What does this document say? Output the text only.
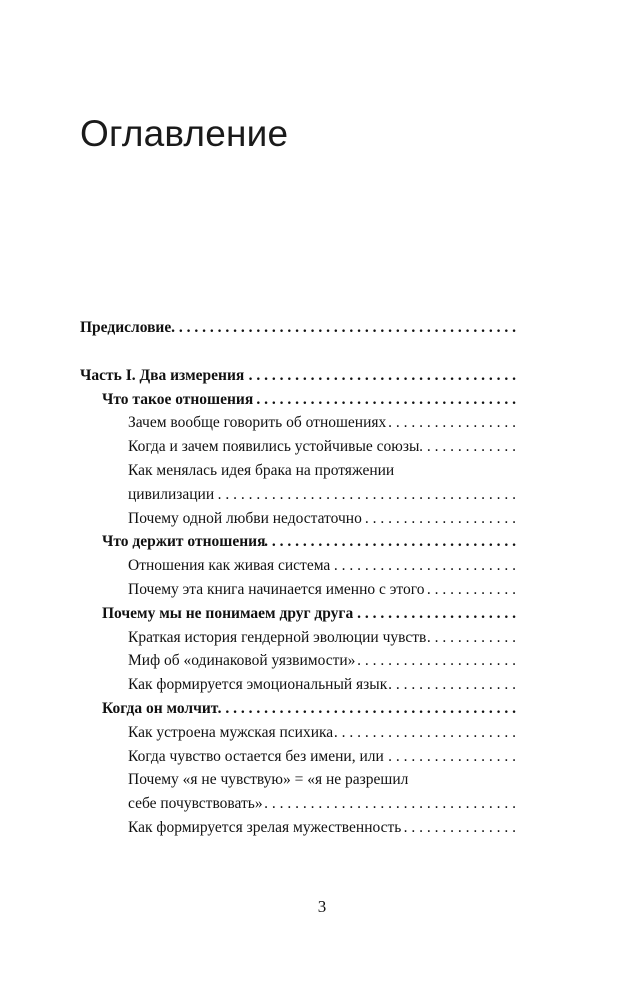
Оглавление
Предисловие
. . .
Часть I. Два измерения
. . .
Что такое отношения
. . .
Зачем вообще говорить об отношениях
. . .
Когда и зачем появились устойчивые союзы
. . .
Как менялась идея брака на протяжении
цивилизации
. . .
Почему одной любви недостаточно
. . .
Что держит отношения
. . .
Отношения как живая система
. . .
Почему эта книга начинается именно с этого
. . .
Почему мы не понимаем друг друга
. . .
Краткая история гендерной эволюции чувств
. . .
Миф об «одинаковой уязвимости»
. . .
Как формируется эмоциональный язык
. . .
Когда он молчит
. . .
Как устроена мужская психика
. . .
Когда чувство остается без имени, или
. . .
Почему «я не чувствую» = «я не разрешил
себе почувствовать»
. . .
Как формируется зрелая мужественность
. . .
3
